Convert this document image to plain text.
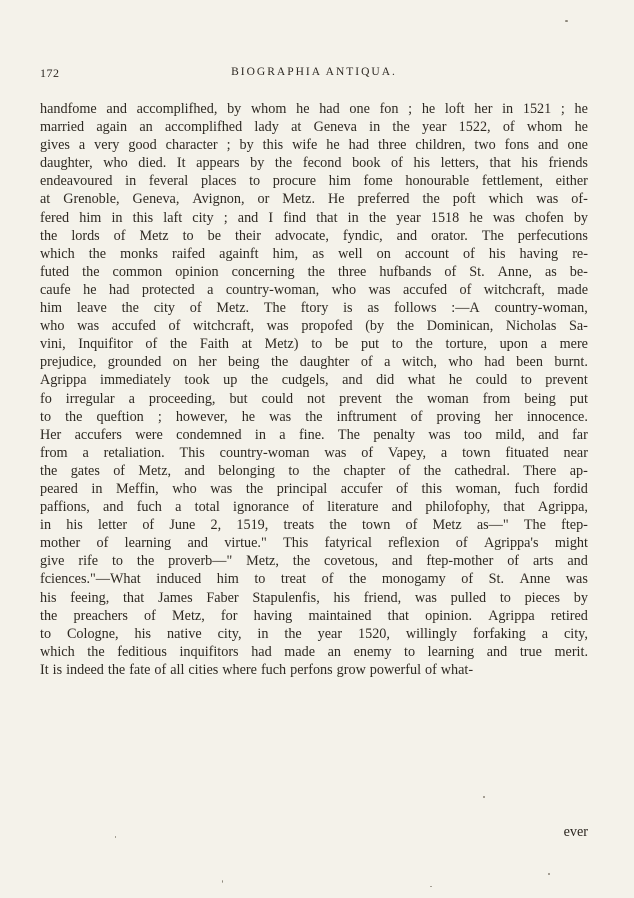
172	BIOGRAPHIA ANTIQUA.
handfome and accomplifhed, by whom he had one fon ; he loft her in 1521 ; he
married again an accomplifhed lady at Geneva in the year 1522, of whom he
gives a very good character ; by this wife he had three children, two fons and one
daughter, who died. It appears by the fecond book of his letters, that his friends
endeavoured in feveral places to procure him fome honourable fettlement, either
at Grenoble, Geneva, Avignon, or Metz. He preferred the poft which was of-
fered him in this laft city ; and I find that in the year 1518 he was chofen by
the lords of Metz to be their advocate, fyndic, and orator. The perfecutions
which the monks raifed againft him, as well on account of his having re-
futed the common opinion concerning the three hufbands of St. Anne, as be-
caufe he had protected a country-woman, who was accufed of witchcraft, made
him leave the city of Metz. The ftory is as follows :—A country-woman,
who was accufed of witchcraft, was propofed (by the Dominican, Nicholas Sa-
vini, Inquifitor of the Faith at Metz) to be put to the torture, upon a mere
prejudice, grounded on her being the daughter of a witch, who had been burnt.
Agrippa immediately took up the cudgels, and did what he could to prevent
fo irregular a proceeding, but could not prevent the woman from being put
to the queftion ; however, he was the inftrument of proving her innocence.
Her accufers were condemned in a fine. The penalty was too mild, and far
from a retaliation. This country-woman was of Vapey, a town fituated near
the gates of Metz, and belonging to the chapter of the cathedral. There ap-
peared in Meffin, who was the principal accufer of this woman, fuch fordid
paffions, and fuch a total ignorance of literature and philofophy, that Agrippa,
in his letter of June 2, 1519, treats the town of Metz as—" The ftep-
mother of learning and virtue." This fatyrical reflexion of Agrippa's might
give rife to the proverb—" Metz, the covetous, and ftep-mother of arts and
fciences."—What induced him to treat of the monogamy of St. Anne was
his feeing, that James Faber Stapulenfis, his friend, was pulled to pieces by
the preachers of Metz, for having maintained that opinion. Agrippa retired
to Cologne, his native city, in the year 1520, willingly forfaking a city,
which the feditious inquifitors had made an enemy to learning and true merit.
It is indeed the fate of all cities where fuch perfons grow powerful of what-
ever
